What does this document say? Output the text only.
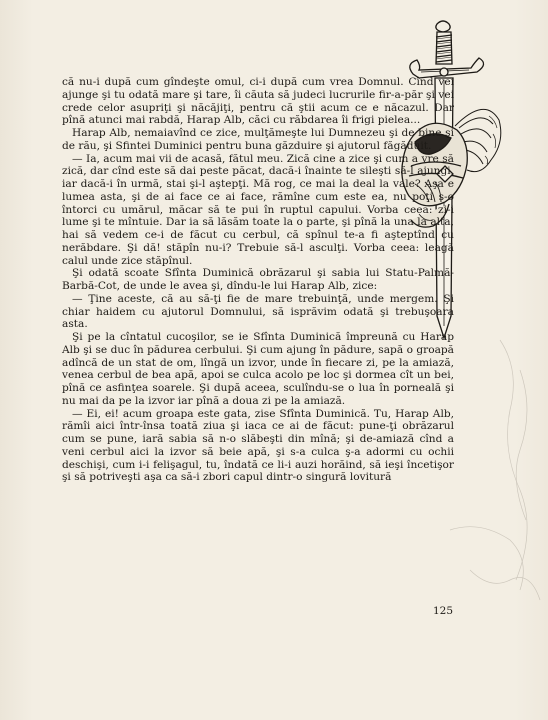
că nu-i după cum gîndeşte omul, ci-i după cum vrea Domnul. Cînd vei ajunge şi tu odată mare şi tare, îi căuta să judeci lucrurile fir-a-păr şi vei crede celor asupriţi şi năcăjiţi, pentru că ştii acum ce e năcazul. Dar pînă atunci mai rabdă, Harap Alb, căci cu răbdarea îi frigi pielea...

Harap Alb, nemaiavînd ce zice, mulţămeşte lui Dumnezeu şi de bine şi de rău, şi Sfintei Duminici pentru buna găzduire şi ajutorul făgăduit.

— Ia, acum mai vii de acasă, fătul meu. Zică cine a zice şi cum a vre să zică, dar cînd este să dai peste păcat, dacă-i înainte te sileşti să-l ajungi, iar dacă-i în urmă, stai şi-l aştepţi. Mă rog, ce mai la deal la vale? Aşa e lumea asta, şi de ai face ce ai face, rămîne cum este ea, nu poţi s-o întorci cu umărul, măcar să te pui în ruptul capului. Vorba ceea: zi-i lume şi te mîntuie. Dar ia să lăsăm toate la o parte, şi pînă la una la alta, hai să vedem ce-i de făcut cu cerbul, că spînul te-a fi aşteptînd cu nerăbdare. Şi dă! stăpîn nu-i? Trebuie să-l asculţi. Vorba ceea: leagă calul unde zice stăpînul.

Şi odată scoate Sfînta Duminică obrăzarul şi sabia lui Statu-Palmă-Barbă-Cot, de unde le avea şi, dîndu-le lui Harap Alb, zice:

— Ţine aceste, că au să-ţi fie de mare trebuinţă, unde mergem. Şi chiar haidem cu ajutorul Domnului, să isprăvim odată şi trebuşoara asta.

Şi pe la cîntatul cucoşilor, se ie Sfînta Duminică împreună cu Harap Alb şi se duc în pădurea cerbului. Şi cum ajung în pădure, sapă o groapă adîncă de un stat de om, lîngă un izvor, unde în fiecare zi, pe la amiază, venea cerbul de bea apă, apoi se culca acolo pe loc şi dormea cît un bei, pînă ce asfinţea soarele. Şi după aceea, sculîndu-se o lua în porneală şi nu mai da pe la izvor iar pînă a doua zi pe la amiază.

— Ei, ei! acum groapa este gata, zise Sfînta Duminică. Tu, Harap Alb, rămîi aici într-însa toată ziua şi iaca ce ai de făcut: pune-ţi obrăzarul cum se pune, iară sabia să n-o slăbeşti din mînă; şi de-amiază cînd a veni cerbul aici la izvor să beie apă, şi s-a culca ş-a adormi cu ochii deschişi, cum i-i felişagul, tu, îndată ce li-i auzi horăind, să ieşi încetişor şi să potriveşti aşa ca să-i zbori capul dintr-o singură lovitură

125
